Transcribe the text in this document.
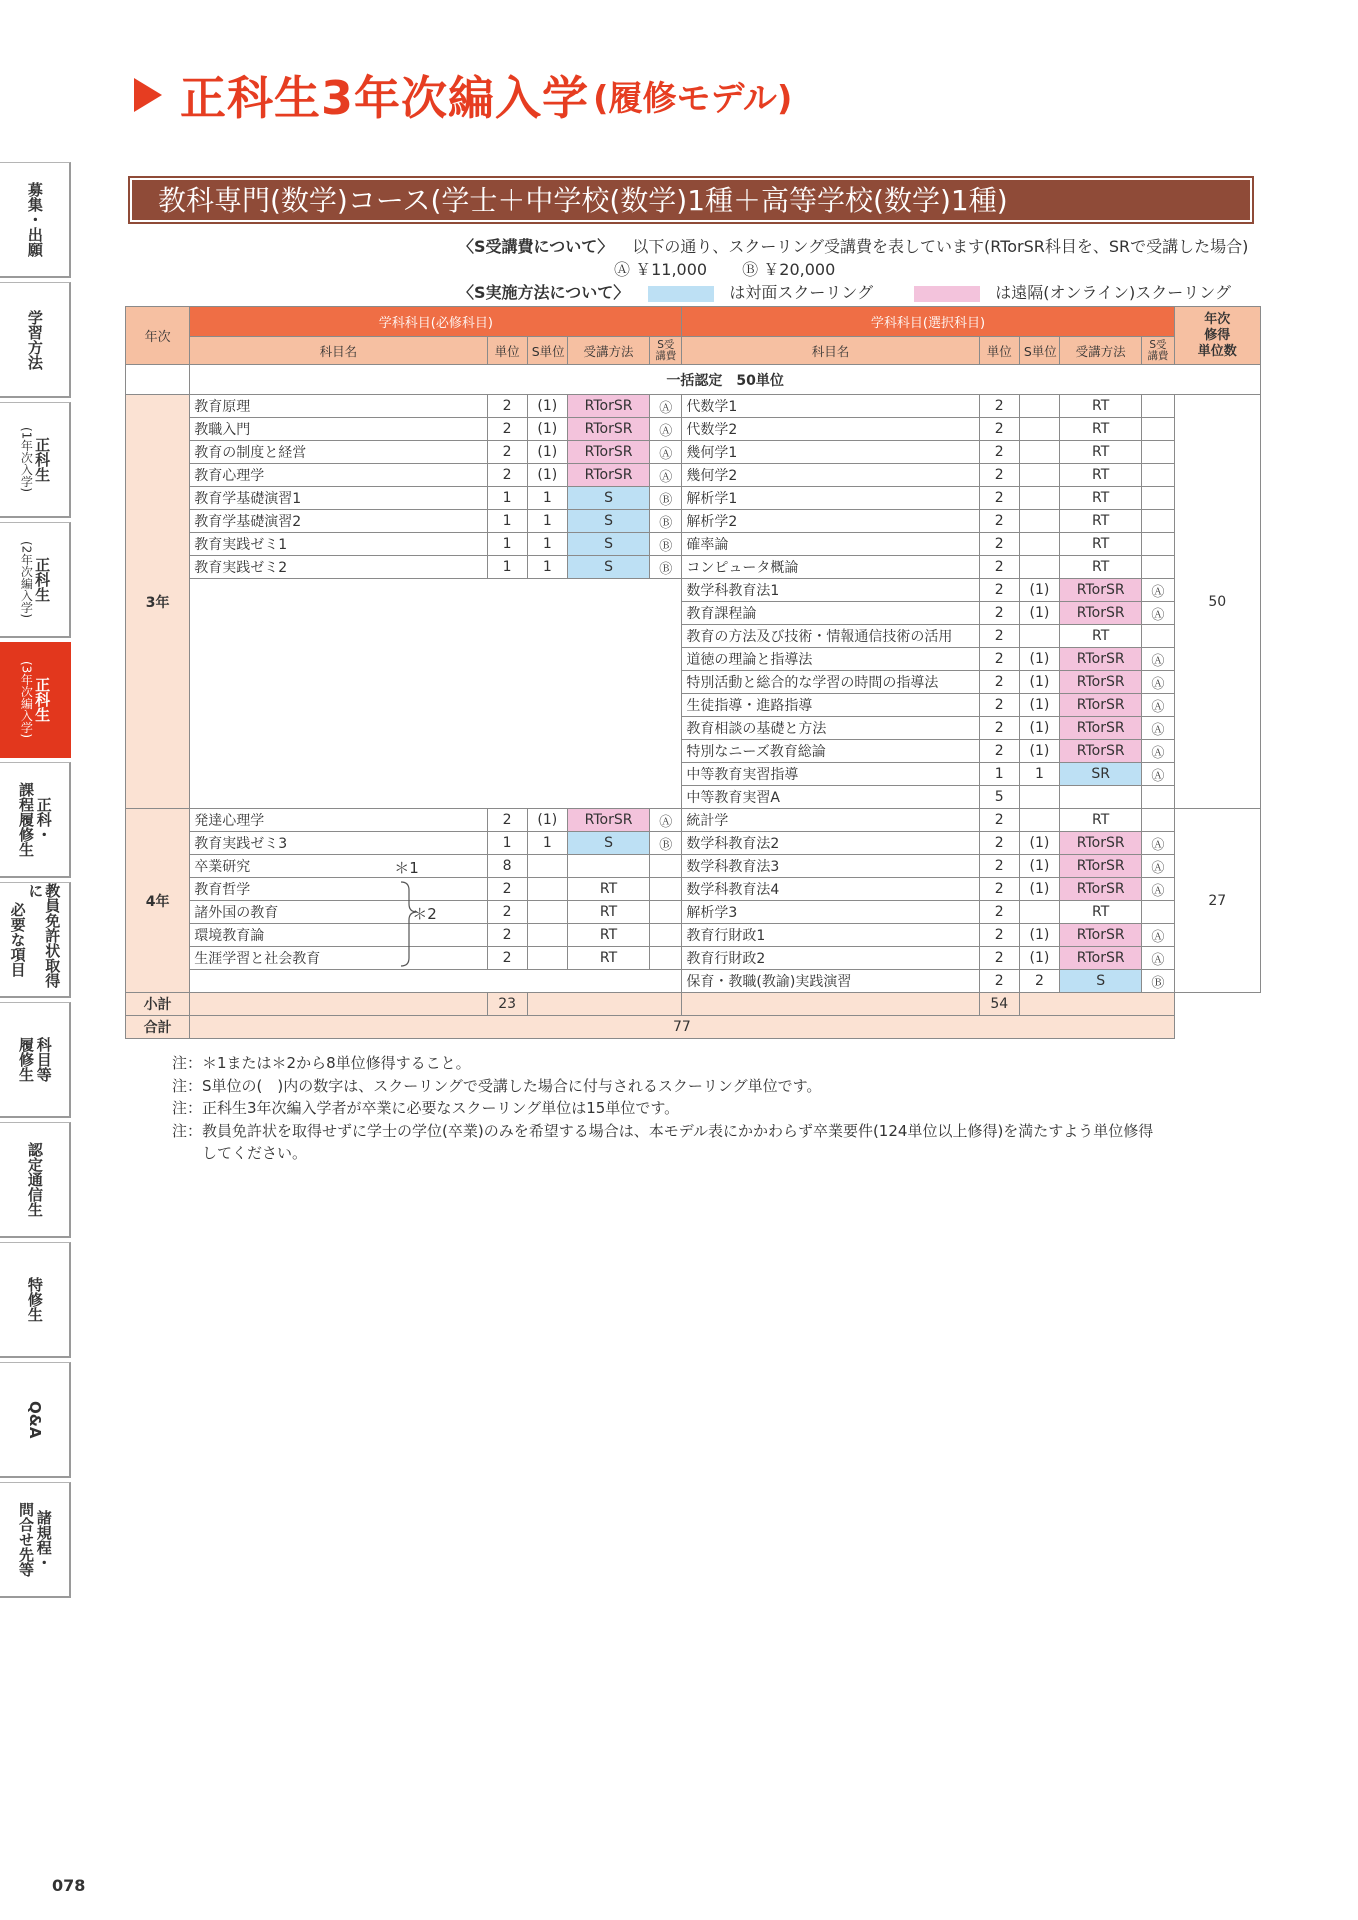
正科生3年次編入学 (履修モデル)
募集・出願
学習方法
(1年次入学) 正科生
(2年次編入学) 正科生
(3年次編入学) 正科生
課程履修生 正科・
必要な項目	教員免許状取得に
履修生 科目等
認定通信生
特修生
Q&A
問合せ先等 諸規程・
教科専門(数学)コース(学士＋中学校(数学)1種＋高等学校(数学)1種)
〈S受講費について〉 以下の通り、スクーリング受講費を表しています(RTorSR科目を、SRで受講した場合)
Ⓐ ￥11,000 Ⓑ ￥20,000
〈S実施方法について〉	は対面スクーリング	は遠隔(オンライン)スクーリング
年次	学科科目(必修科目)					学科科目(選択科目)					年次
修得
単位数
	科目名	単位	S単位	受講方法	S受
講費	科目名	単位	S単位	受講方法	S受
講費	
	一括認定　50単位										
3年	教育原理	2	(1)	RTorSR	Ⓐ	代数学1	2		RT		50
	教職入門	2	(1)	RTorSR	Ⓐ	代数学2	2		RT		
	教育の制度と経営	2	(1)	RTorSR	Ⓐ	幾何学1	2		RT		
	教育心理学	2	(1)	RTorSR	Ⓐ	幾何学2	2		RT		
	教育学基礎演習1	1	1	S	Ⓑ	解析学1	2		RT		
	教育学基礎演習2	1	1	S	Ⓑ	解析学2	2		RT		
	教育実践ゼミ1	1	1	S	Ⓑ	確率論	2		RT		
	教育実践ゼミ2	1	1	S	Ⓑ	コンピュータ概論	2		RT		
						数学科教育法1	2	(1)	RTorSR	Ⓐ	
						教育課程論	2	(1)	RTorSR	Ⓐ	
						教育の方法及び技術・情報通信技術の活用	2		RT		
						道徳の理論と指導法	2	(1)	RTorSR	Ⓐ	
						特別活動と総合的な学習の時間の指導法	2	(1)	RTorSR	Ⓐ	
						生徒指導・進路指導	2	(1)	RTorSR	Ⓐ	
						教育相談の基礎と方法	2	(1)	RTorSR	Ⓐ	
						特別なニーズ教育総論	2	(1)	RTorSR	Ⓐ	
						中等教育実習指導	1	1	SR	Ⓐ	
						中等教育実習A	5				
4年	発達心理学	2	(1)	RTorSR	Ⓐ	統計学	2		RT		27
	教育実践ゼミ3	1	1	S	Ⓑ	数学科教育法2	2	(1)	RTorSR	Ⓐ	
	卒業研究 ＊1	8				数学科教育法3	2	(1)	RTorSR	Ⓐ	
	教育哲学	2		RT		数学科教育法4	2	(1)	RTorSR	Ⓐ	
	諸外国の教育 ＊2	2		RT		解析学3	2		RT		
	環境教育論	2		RT		教育行財政1	2	(1)	RTorSR	Ⓐ	
	生涯学習と社会教育	2		RT		教育行財政2	2	(1)	RTorSR	Ⓐ	
						保育・教職(教諭)実践演習	2	2	S	Ⓑ	
小計		23					54				
合計	77										
注：＊1または＊2から8単位修得すること。
注：S単位の(　)内の数字は、スクーリングで受講した場合に付与されるスクーリング単位です。
注：正科生3年次編入学者が卒業に必要なスクーリング単位は15単位です。
注：教員免許状を取得せずに学士の学位(卒業)のみを希望する場合は、本モデル表にかかわらず卒業要件(124単位以上修得)を満たすよう単位修得
　　してください。
078
